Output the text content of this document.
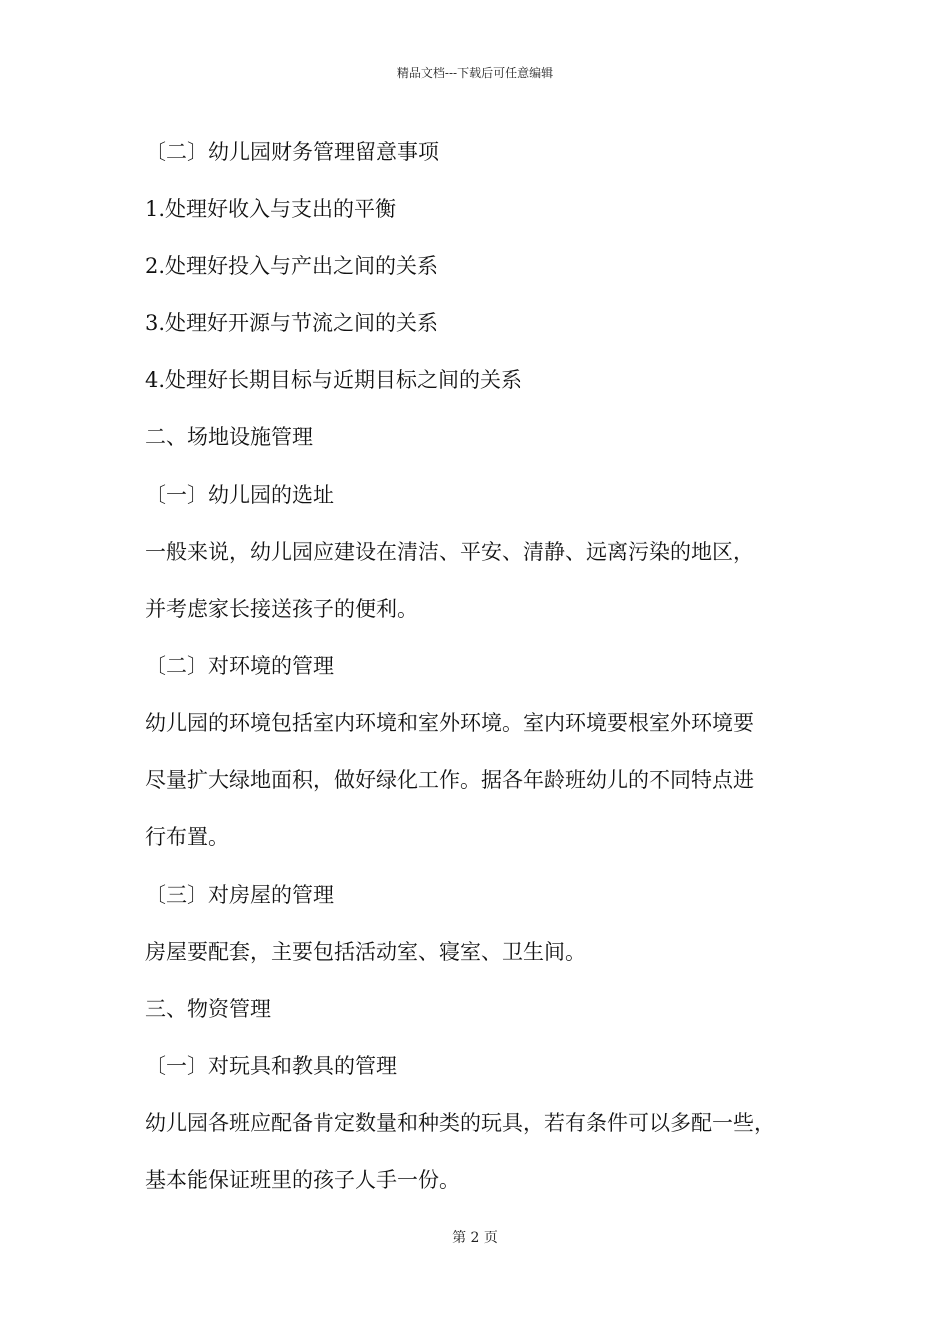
精品文档---下载后可任意编辑
〔二〕幼儿园财务管理留意事项
1.处理好收入与支出的平衡
2.处理好投入与产出之间的关系
3.处理好开源与节流之间的关系
4.处理好长期目标与近期目标之间的关系
二、场地设施管理
〔一〕幼儿园的选址
一般来说，幼儿园应建设在清洁、平安、清静、远离污染的地区，
并考虑家长接送孩子的便利。
〔二〕对环境的管理
幼儿园的环境包括室内环境和室外环境。室内环境要根室外环境要
尽量扩大绿地面积，做好绿化工作。据各年龄班幼儿的不同特点进
行布置。
〔三〕对房屋的管理
房屋要配套，主要包括活动室、寝室、卫生间。
三、物资管理
〔一〕对玩具和教具的管理
幼儿园各班应配备肯定数量和种类的玩具，若有条件可以多配一些，
基本能保证班里的孩子人手一份。
第 2 页
